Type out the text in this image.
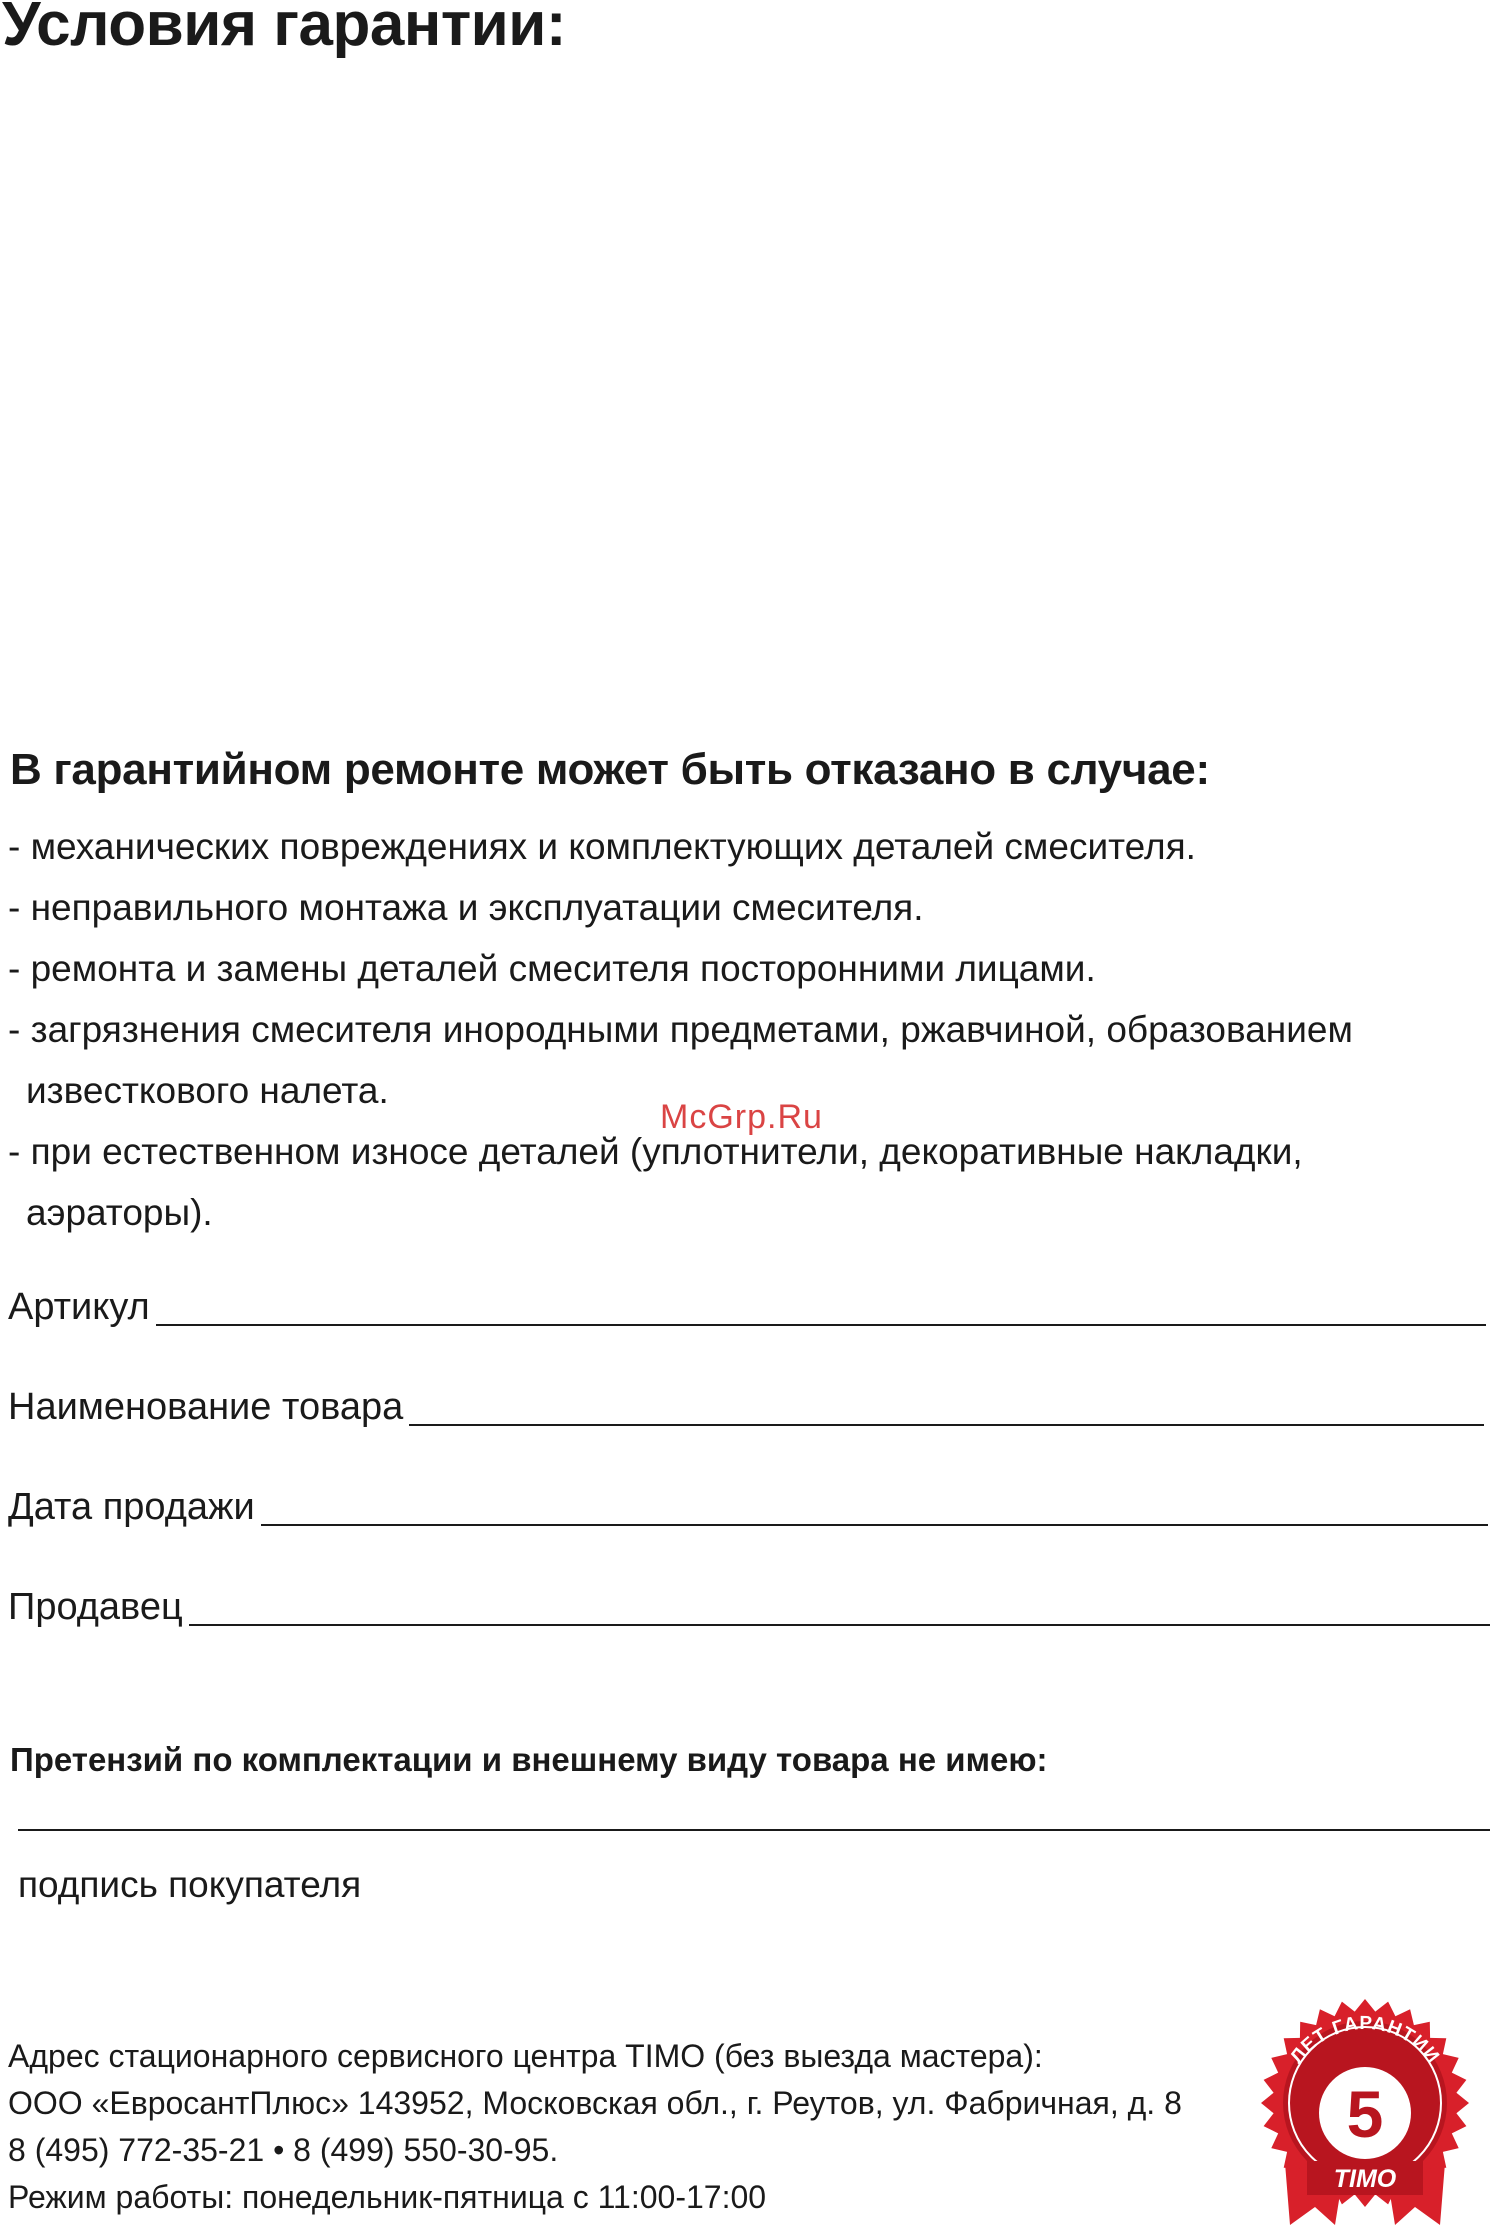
Условия гарантии:
В гарантийном ремонте может быть отказано в случае:
- механических повреждениях и комплектующих деталей смесителя.
- неправильного монтажа и эксплуатации смесителя.
- ремонта и замены деталей смесителя посторонними лицами.
- загрязнения смесителя инородными предметами, ржавчиной, образованием известкового налета.
- при естественном износе деталей (уплотнители, декоративные накладки, аэраторы).
McGrp.Ru
Артикул
Наименование товара
Дата продажи
Продавец
Претензий по комплектации и внешнему виду товара не имею:
подпись покупателя
Адрес стационарного сервисного центра TIMO (без выезда мастера):
ООО «ЕвросантПлюс» 143952, Московская обл., г. Реутов, ул. Фабричная, д. 8
8 (495) 772-35-21 • 8 (499) 550-30-95.
Режим работы: понедельник-пятница с 11:00-17:00
ЛЕТ ГАРАНТИИ
5
TIMO
